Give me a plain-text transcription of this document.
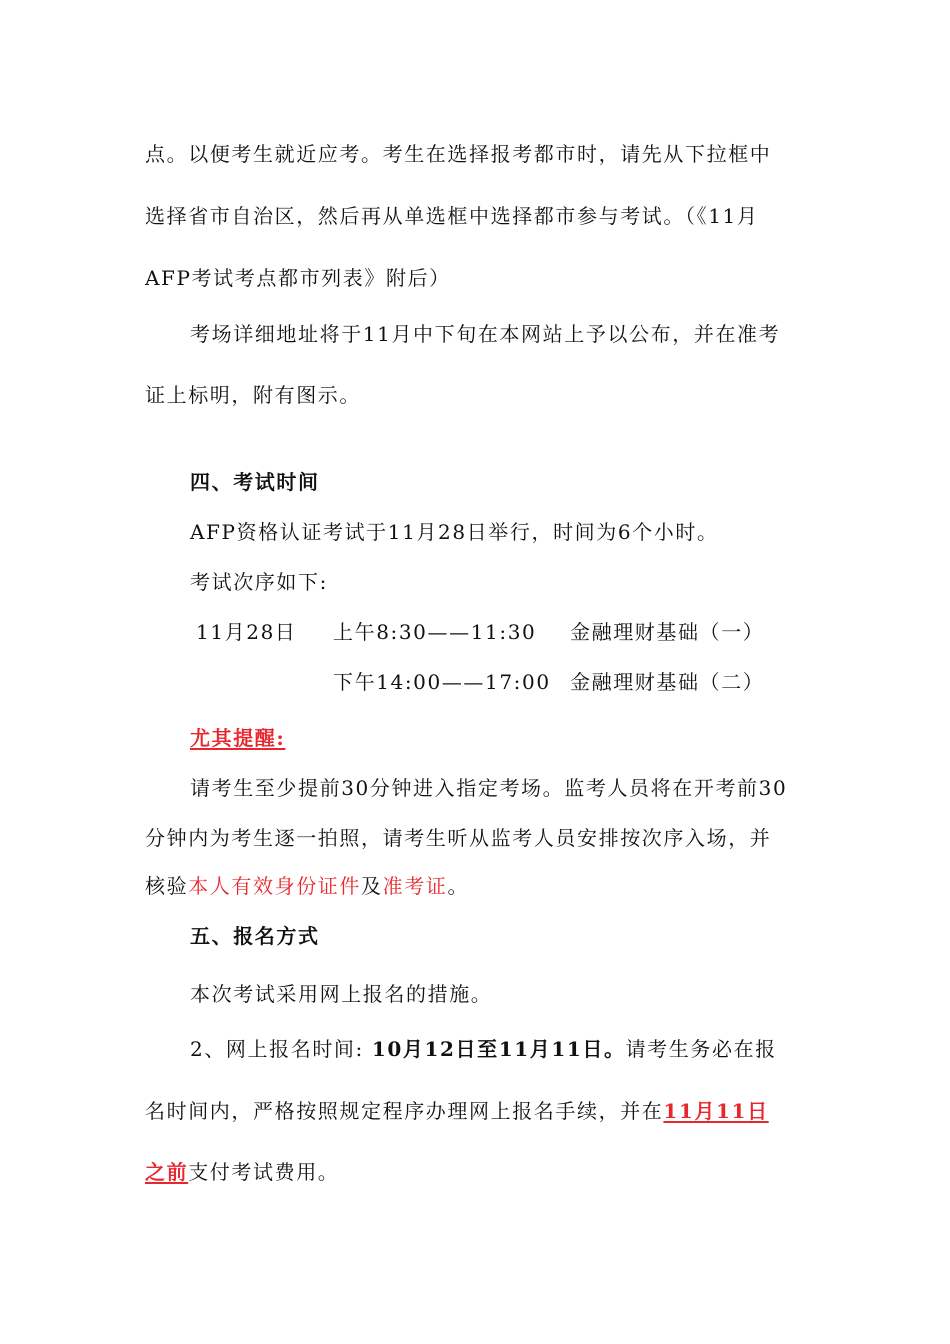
点。以便考生就近应考。考生在选择报考都市时，请先从下拉框中
选择省市自治区，然后再从单选框中选择都市参与考试。（《11月
AFP考试考点都市列表》附后）
考场详细地址将于11月中下旬在本网站上予以公布，并在准考
证上标明，附有图示。
四、考试时间
AFP资格认证考试于11月28日举行，时间为6个小时。
考试次序如下:
11月28日 上午8:30——11:30 金融理财基础（一）
下午14:00——17:00 金融理财基础（二）
尤其提醒:
请考生至少提前30分钟进入指定考场。监考人员将在开考前30
分钟内为考生逐一拍照，请考生听从监考人员安排按次序入场，并
核验本人有效身份证件及准考证。
五、报名方式
本次考试采用网上报名的措施。
2、网上报名时间: 10月12日至11月11日。请考生务必在报
名时间内，严格按照规定程序办理网上报名手续，并在11月11日
之前支付考试费用。
